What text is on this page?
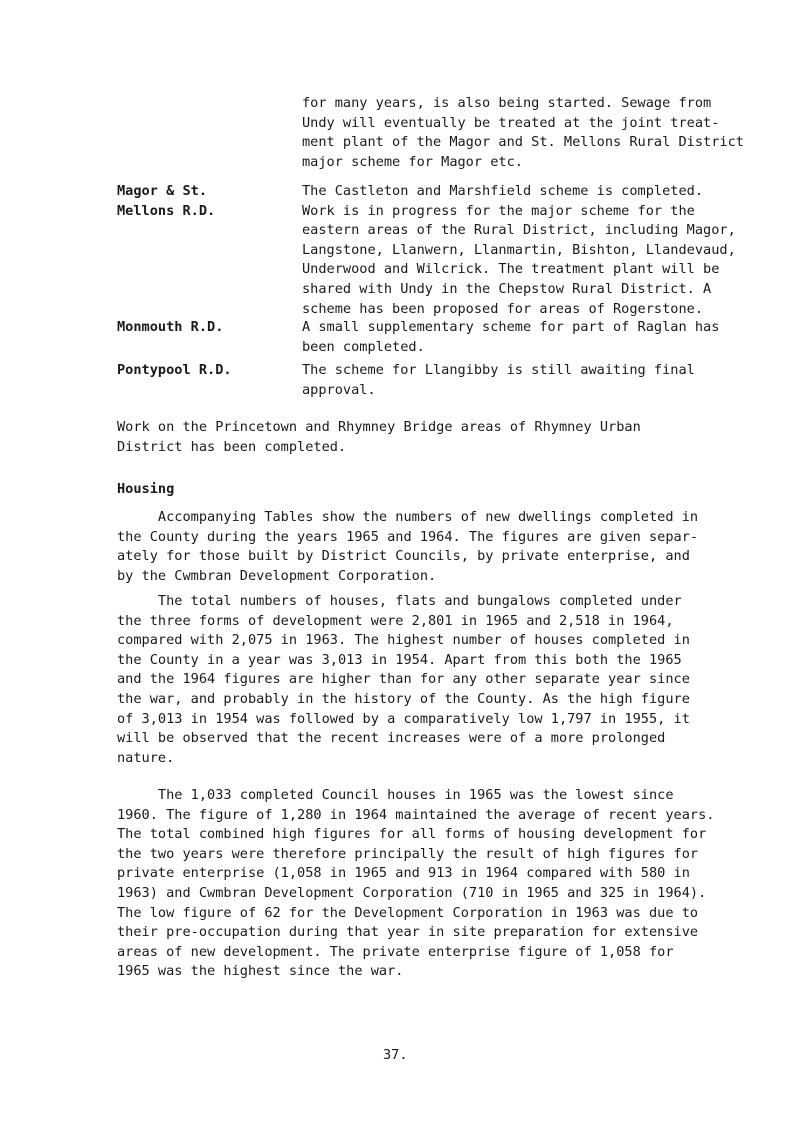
for many years, is also being started. Sewage from
Undy will eventually be treated at the joint treat-
ment plant of the Magor and St. Mellons Rural District
major scheme for Magor etc.
Magor & St.
Mellons R.D.
The Castleton and Marshfield scheme is completed.
Work is in progress for the major scheme for the
eastern areas of the Rural District, including Magor,
Langstone, Llanwern, Llanmartin, Bishton, Llandevaud,
Underwood and Wilcrick. The treatment plant will be
shared with Undy in the Chepstow Rural District. A
scheme has been proposed for areas of Rogerstone.
Monmouth R.D.	A small supplementary scheme for part of Raglan has
been completed.
Pontypool R.D.	The scheme for Llangibby is still awaiting final
approval.
Work on the Princetown and Rhymney Bridge areas of Rhymney Urban
District has been completed.
Housing
Accompanying Tables show the numbers of new dwellings completed in
the County during the years 1965 and 1964. The figures are given separ-
ately for those built by District Councils, by private enterprise, and
by the Cwmbran Development Corporation.
The total numbers of houses, flats and bungalows completed under
the three forms of development were 2,801 in 1965 and 2,518 in 1964,
compared with 2,075 in 1963. The highest number of houses completed in
the County in a year was 3,013 in 1954. Apart from this both the 1965
and the 1964 figures are higher than for any other separate year since
the war, and probably in the history of the County. As the high figure
of 3,013 in 1954 was followed by a comparatively low 1,797 in 1955, it
will be observed that the recent increases were of a more prolonged
nature.
The 1,033 completed Council houses in 1965 was the lowest since
1960. The figure of 1,280 in 1964 maintained the average of recent years.
The total combined high figures for all forms of housing development for
the two years were therefore principally the result of high figures for
private enterprise (1,058 in 1965 and 913 in 1964 compared with 580 in
1963) and Cwmbran Development Corporation (710 in 1965 and 325 in 1964).
The low figure of 62 for the Development Corporation in 1963 was due to
their pre-occupation during that year in site preparation for extensive
areas of new development. The private enterprise figure of 1,058 for
1965 was the highest since the war.
37.
